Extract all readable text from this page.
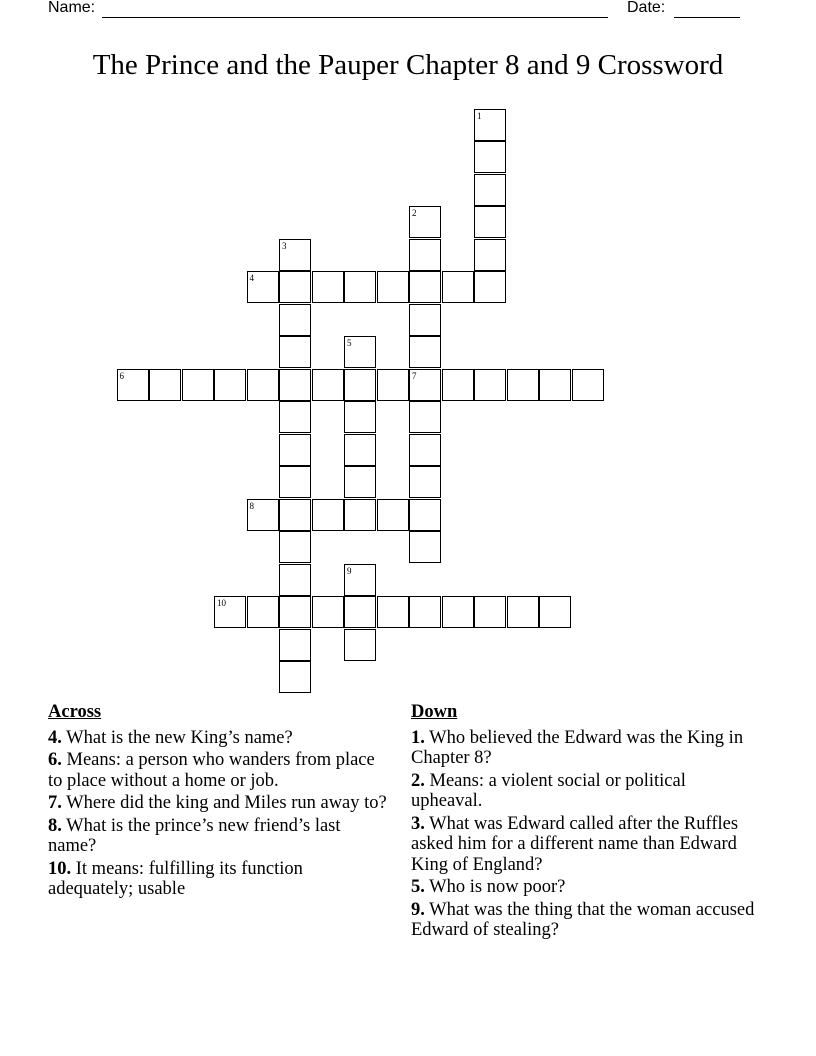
Name:	Date:
The Prince and the Pauper Chapter 8 and 9 Crossword
1
2
7
3
4
5
6
8
9
10
Across
4. What is the new King’s name?
6. Means: a person who wanders from place to place without a home or job.
7. Where did the king and Miles run away to?
8. What is the prince’s new friend’s last name?
10. It means: fulfilling its function adequately; usable
Down
1. Who believed the Edward was the King in Chapter 8?
2. Means: a violent social or political upheaval.
3. What was Edward called after the Ruffles asked him for a different name than Edward King of England?
5. Who is now poor?
9. What was the thing that the woman accused Edward of stealing?
